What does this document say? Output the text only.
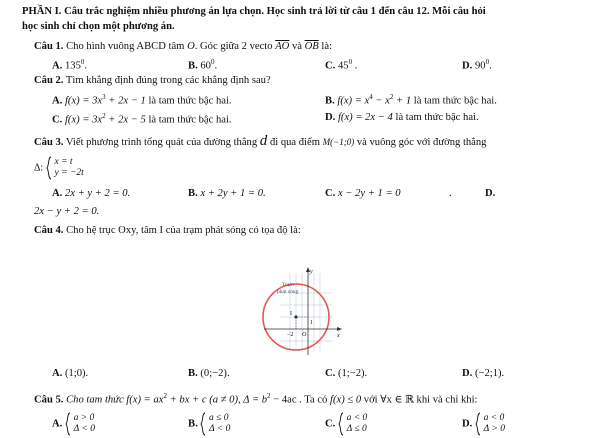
PHẦN I. Câu trắc nghiệm nhiều phương án lựa chọn. Học sinh trả lời từ câu 1 đến câu 12. Mỗi câu hỏi
học sinh chỉ chọn một phương án.
Câu 1. Cho hình vuông ABCD tâm O. Góc giữa 2 vecto $\overline{AO}$ và $\overline{OB}$ là:
A. $135^0$.	B. $60^0$.	C. $45^0$ .	D. $90^0$.
Câu 2. Tìm khẳng định đúng trong các khẳng định sau?
A. $f(x) = 3x^3 + 2x - 1$ là tam thức bậc hai.	B. $f(x) = x^4 - x^2 + 1$ là tam thức bậc hai.
C. $f(x) = 3x^2 + 2x - 5$ là tam thức bậc hai.	D. f(x) = 2x − 4 là tam thức bậc hai.
Câu 3. Viết phương trình tổng quát của đường thẳng d đi qua điểm M(−1;0) và vuông góc với đường thẳng
Δ:  x = t
y = −2t
A. 2x + y + 2 = 0.	B. x + 2y + 1 = 0.	C. x − 2y + 1 = 0	.	D.
2x − y + 2 = 0.
Câu 4. Cho hệ trục Oxy, tâm I của trạm phát sóng có tọa độ là:
Trạm
phát sóng
I
y
x
O
−2
1
A. (1;0).	B. (0;−2).	C. (1;−2).	D. (−2;1).
Câu 5. Cho tam thức $f(x) = ax^2$ + bx + c (a ≠ 0), $\Delta = b^2 - 4ac$ . Ta có f(x) ≤ 0 với ∀x ∈ ℝ khi và chỉ khi:
A.  a > 0
Δ < 0	B.  a ≤ 0
Δ < 0	C.  a < 0
Δ ≤ 0	D.  a < 0
Δ > 0
